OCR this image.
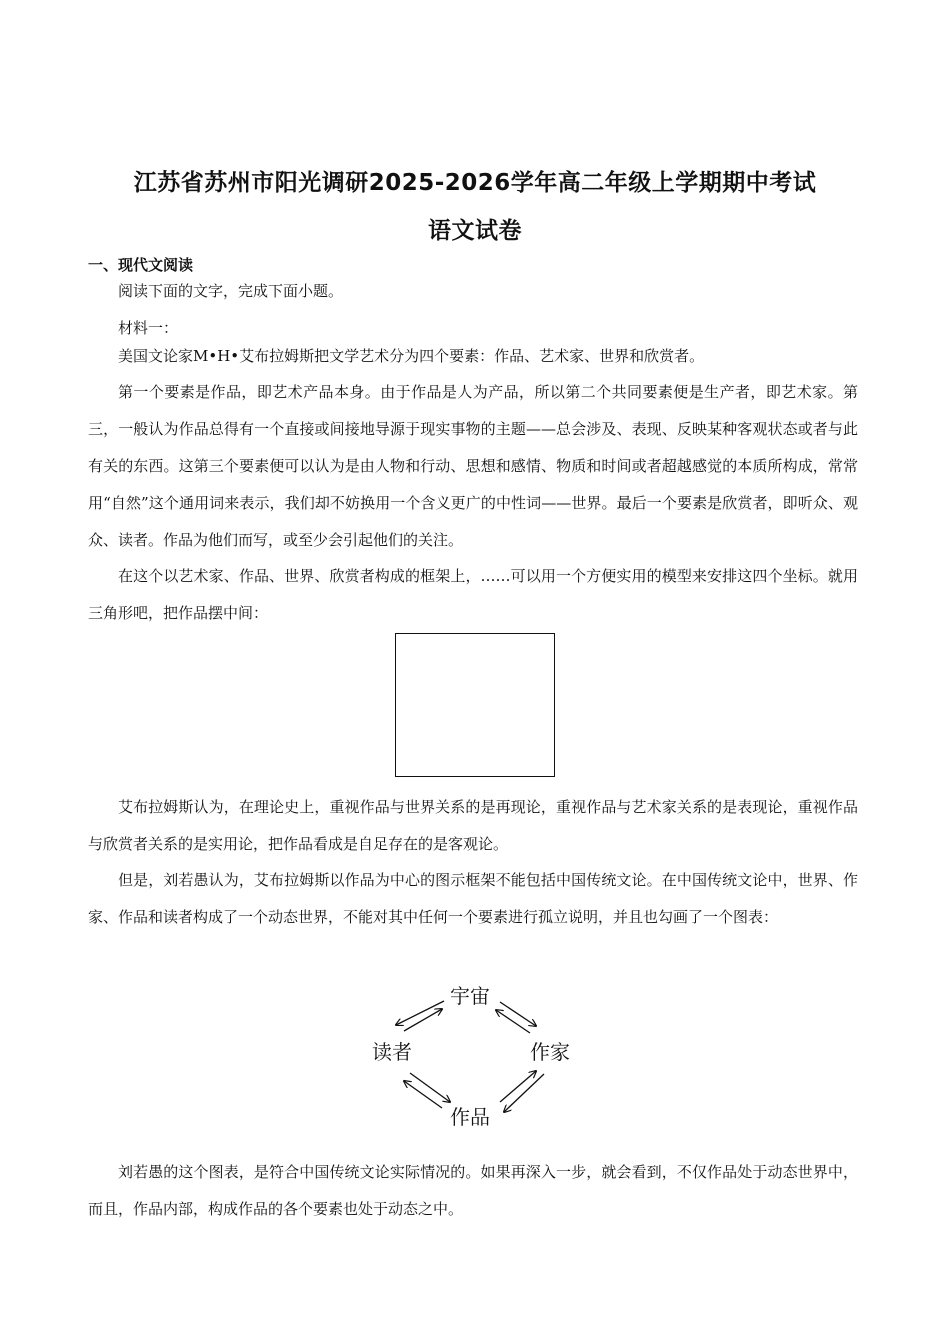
江苏省苏州市阳光调研2025-2026学年高二年级上学期期中考试
语文试卷
一、现代文阅读

阅读下面的文字，完成下面小题。

材料一：

美国文论家M•H•艾布拉姆斯把文学艺术分为四个要素：作品、艺术家、世界和欣赏者。

第一个要素是作品，即艺术产品本身。由于作品是人为产品，所以第二个共同要素便是生产者，即艺术家。第三，一般认为作品总得有一个直接或间接地导源于现实事物的主题——总会涉及、表现、反映某种客观状态或者与此有关的东西。这第三个要素便可以认为是由人物和行动、思想和感情、物质和时间或者超越感觉的本质所构成，常常用“自然”这个通用词来表示，我们却不妨换用一个含义更广的中性词——世界。最后一个要素是欣赏者，即听众、观众、读者。作品为他们而写，或至少会引起他们的关注。

在这个以艺术家、作品、世界、欣赏者构成的框架上，……可以用一个方便实用的模型来安排这四个坐标。就用三角形吧，把作品摆中间：

艾布拉姆斯认为，在理论史上，重视作品与世界关系的是再现论，重视作品与艺术家关系的是表现论，重视作品与欣赏者关系的是实用论，把作品看成是自足存在的是客观论。

但是，刘若愚认为，艾布拉姆斯以作品为中心的图示框架不能包括中国传统文论。在中国传统文论中，世界、作家、作品和读者构成了一个动态世界，不能对其中任何一个要素进行孤立说明，并且也勾画了一个图表：

宇宙
读者	作家
作品

刘若愚的这个图表，是符合中国传统文论实际情况的。如果再深入一步，就会看到，不仅作品处于动态世界中，而且，作品内部，构成作品的各个要素也处于动态之中。
